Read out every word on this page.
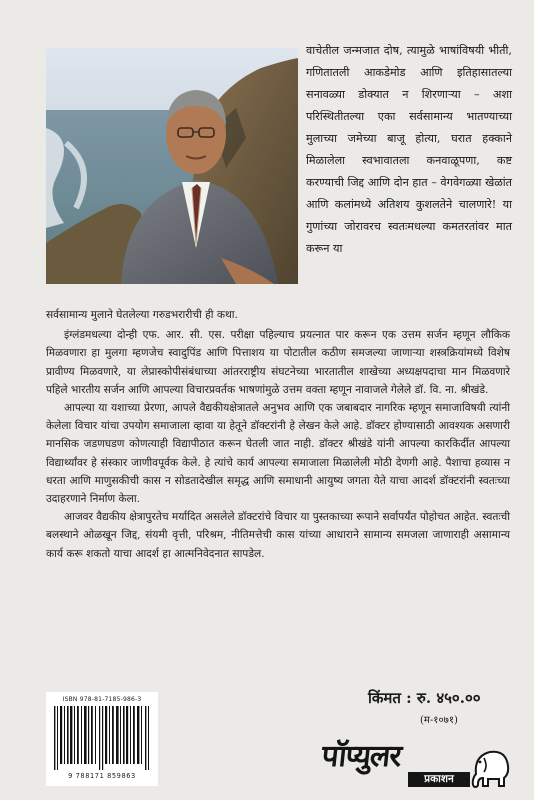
वाचेतील जन्मजात दोष, त्यामुळे भाषांविषयी भीती, गणितातली आकडेमोड आणि इतिहासातल्या सनावळ्या डोक्यात न शिरणाऱ्या – अशा परिस्थितीतल्या एका सर्वसामान्य भातण्याच्या मुलाच्या जमेच्या बाजू होत्या, घरात हक्काने मिळालेला स्वभावातला कनवाळूपणा, कष्ट करण्याची जिद्द आणि दोन हात – वेगवेगळ्या खेळांत आणि कलांमध्ये अतिशय कुशलतेने चालणारे! या गुणांच्या जोरावरच स्वतःमधल्या कमतरतांवर मात करून या

सर्वसामान्य मुलाने घेतलेल्या गरुडभरारीची ही कथा.

इंग्लंडमधल्या दोन्ही एफ. आर. सी. एस. परीक्षा पहिल्याच प्रयत्नात पार करून एक उत्तम सर्जन म्हणून लौकिक मिळवणारा हा मुलगा म्हणजेच स्वादुपिंड आणि पित्ताशय या पोटातील कठीण समजल्या जाणाऱ्या शस्त्रक्रियांमध्ये विशेष प्रावीण्य मिळवणारे, या लेप्रास्कोपीसंबंधाच्या आंतरराष्ट्रीय संघटनेच्या भारतातील शाखेच्या अध्यक्षपदाचा मान मिळवणारे पहिले भारतीय सर्जन आणि आपल्या विचारप्रवर्तक भाषणांमुळे उत्तम वक्ता म्हणून नावाजले गेलेले डॉ. वि. ना. श्रीखंडे.

आपल्या या यशाच्या प्रेरणा, आपले वैद्यकीयक्षेत्रातले अनुभव आणि एक जबाबदार नागरिक म्हणून समाजाविषयी त्यांनी केलेला विचार यांचा उपयोग समाजाला व्हावा या हेतूने डॉक्टरांनी हे लेखन केले आहे. डॉक्टर होण्यासाठी आवश्यक असणारी मानसिक जडणघडण कोणत्याही विद्यापीठात करून घेतली जात नाही. डॉक्टर श्रीखंडे यांनी आपल्या कारकिर्दीत आपल्या विद्यार्थ्यांवर हे संस्कार जाणीवपूर्वक केले. हे त्यांचे कार्य आपल्या समाजाला मिळालेली मोठी देणगी आहे. पैशाचा हव्यास न धरता आणि माणुसकीची कास न सोडतादेखील समृद्ध आणि समाधानी आयुष्य जगता येते याचा आदर्श डॉक्टरांनी स्वतःच्या उदाहरणाने निर्माण केला.

आजवर वैद्यकीय क्षेत्रापुरतेच मर्यादित असलेले डॉक्टरांचे विचार या पुस्तकाच्या रूपाने सर्वापर्यंत पोहोचत आहेत. स्वतःची बलस्थाने ओळखून जिद्द, संयमी वृत्ती, परिश्रम, नीतिमत्तेची कास यांच्या आधाराने सामान्य समजला जाणाराही असामान्य कार्य करू शकतो याचा आदर्श हा आत्मनिवेदनात सापडेल.

ISBN 978-81-7185-986-3
9 788171 859863
किंमत : रु. ४५०.००
(म-१०७१)
पॉप्युलर
प्रकाशन
